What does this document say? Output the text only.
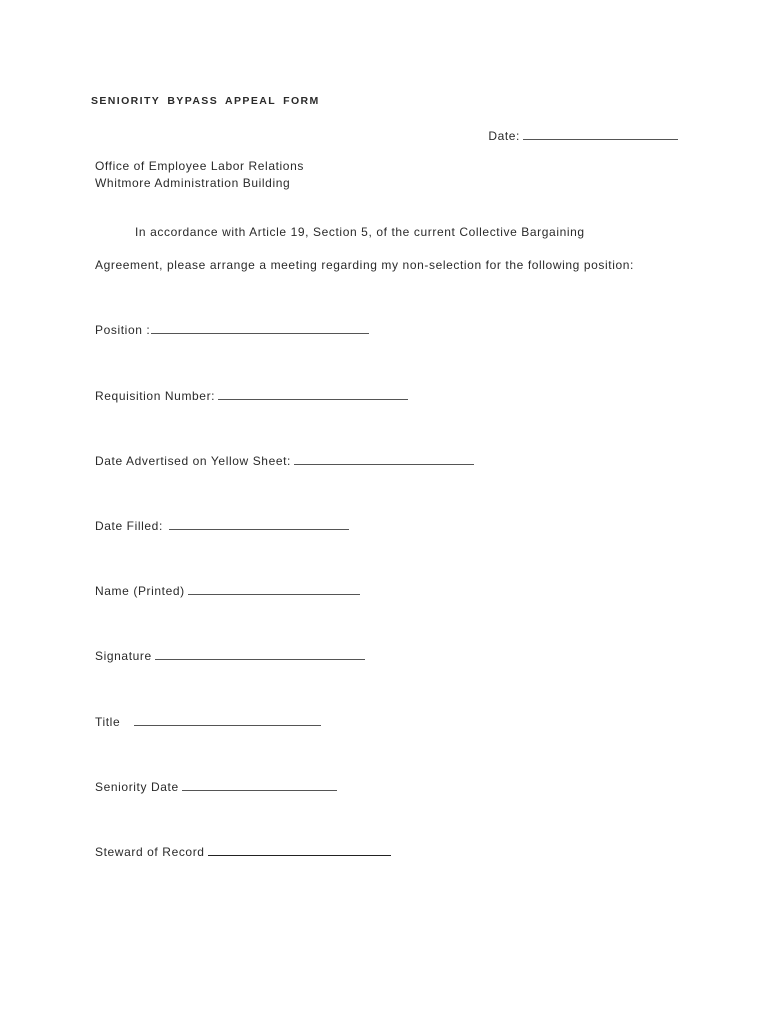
SENIORITY BYPASS APPEAL FORM
Date:
Office of Employee Labor Relations
Whitmore Administration Building
In accordance with Article 19, Section 5, of the current Collective Bargaining
Agreement, please arrange a meeting regarding my non-selection for the following position:
Position :
Requisition Number:
Date Advertised on Yellow Sheet:
Date Filled:
Name (Printed)
Signature
Title
Seniority Date
Steward of Record
